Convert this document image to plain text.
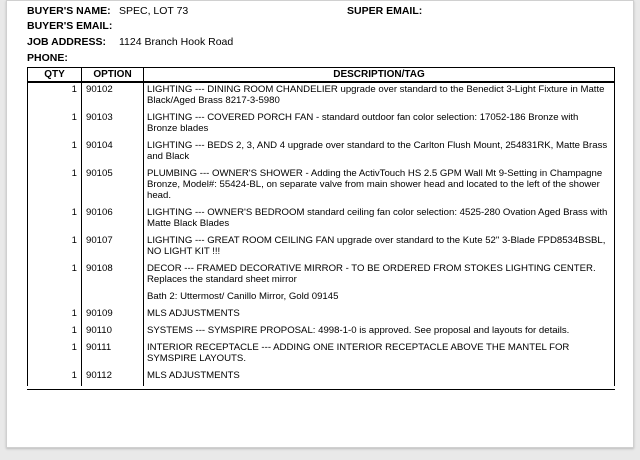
BUYER'S NAME: SPEC, LOT 73	SUPER EMAIL:
BUYER'S EMAIL:
JOB ADDRESS: 1124 Branch Hook Road
PHONE:
QTY	OPTION	DESCRIPTION/TAG
1	90102	LIGHTING --- DINING ROOM CHANDELIER upgrade over standard to the Benedict 3-Light Fixture in Matte Black/Aged Brass 8217-3-5980
1	90103	LIGHTING --- COVERED PORCH FAN - standard outdoor fan color selection: 17052-186 Bronze with Bronze blades
1	90104	LIGHTING --- BEDS 2, 3, AND 4 upgrade over standard to the Carlton Flush Mount, 254831RK, Matte Brass and Black
1	90105	PLUMBING --- OWNER'S SHOWER - Adding the ActivTouch HS 2.5 GPM Wall Mt 9-Setting in Champagne Bronze, Model#: 55424-BL, on separate valve from main shower head and located to the left of the shower head.
1	90106	LIGHTING --- OWNER'S BEDROOM standard ceiling fan color selection: 4525-280 Ovation Aged Brass with Matte Black Blades
1	90107	LIGHTING --- GREAT ROOM CEILING FAN upgrade over standard to the Kute 52" 3-Blade FPD8534BSBL, NO LIGHT KIT !!!
1	90108	DECOR --- FRAMED DECORATIVE MIRROR - TO BE ORDERED FROM STOKES LIGHTING CENTER. Replaces the standard sheet mirror
Bath 2: Uttermost/ Canillo Mirror, Gold 09145

1	90109	MLS ADJUSTMENTS
1	90110	SYSTEMS --- SYMSPIRE PROPOSAL: 4998-1-0 is approved. See proposal and layouts for details.
1	90111	INTERIOR RECEPTACLE --- ADDING ONE INTERIOR RECEPTACLE ABOVE THE MANTEL FOR SYMSPIRE LAYOUTS.
1	90112	MLS ADJUSTMENTS
